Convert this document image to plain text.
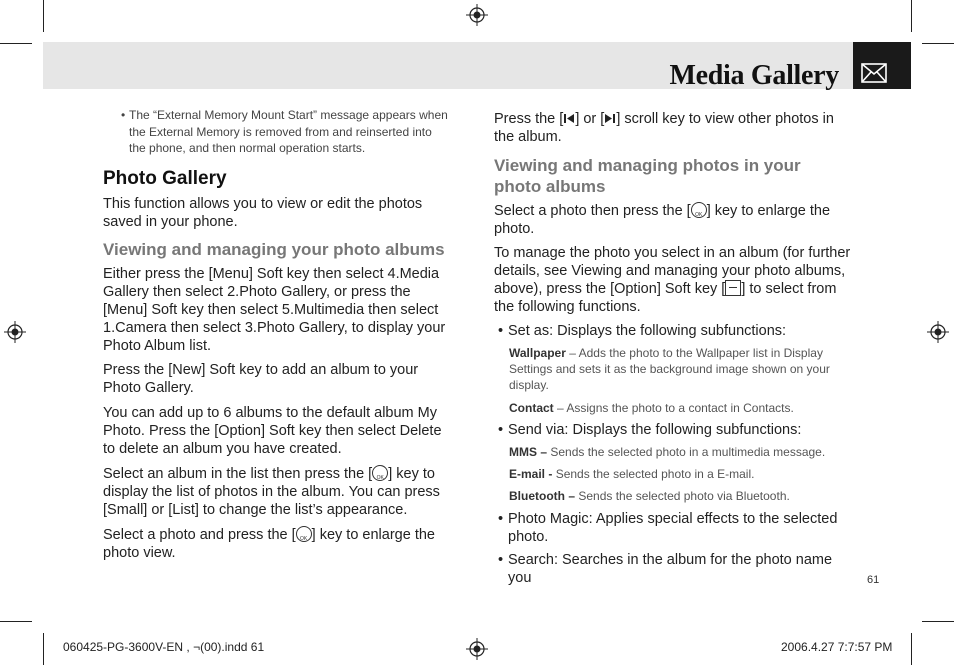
Media Gallery
• The “External Memory Mount Start” message appears when the External Memory is removed from and reinserted into the phone, and then normal operation starts.
Photo Gallery

This function allows you to view or edit the photos saved in your phone.

Viewing and managing your photo albums

Either press the [Menu] Soft key then select 4.Media Gallery then select 2.Photo Gallery, or press the [Menu] Soft key then select 5.Multimedia then select 1.Camera then select 3.Photo Gallery, to display your Photo Album list.

Press the [New] Soft key to add an album to your Photo Gallery.

You can add up to 6 albums to the default album My Photo. Press the [Option] Soft key then select Delete to delete an album you have created.

Select an album in the list then press the [ OK ] key to display the list of photos in the album. You can press [Small] or [List] to change the list’s appearance.

Select a photo and press the [ OK ] key to enlarge the photo view.

Press the [ ] or [ ] scroll key to view other photos in the album.

Viewing and managing photos in your photo albums

Select a photo then press the [ OK ] key to enlarge the photo.

To manage the photo you select in an album (for further details, see Viewing and managing your photo albums, above), press the [Option] Soft key [ ] to select from the following functions.

• Set as: Displays the following subfunctions:

Wallpaper – Adds the photo to the Wallpaper list in Display Settings and sets it as the background image shown on your display.

Contact – Assigns the photo to a contact in Contacts.

• Send via: Displays the following subfunctions:

MMS – Sends the selected photo in a multimedia message.

E-mail - Sends the selected photo in a E-mail.

Bluetooth – Sends the selected photo via Bluetooth.

• Photo Magic: Applies special effects to the selected photo.

• Search: Searches in the album for the photo name you	61
060425-PG-3600V-EN , ¬(00).indd 61	2006.4.27 7:7:57 PM
